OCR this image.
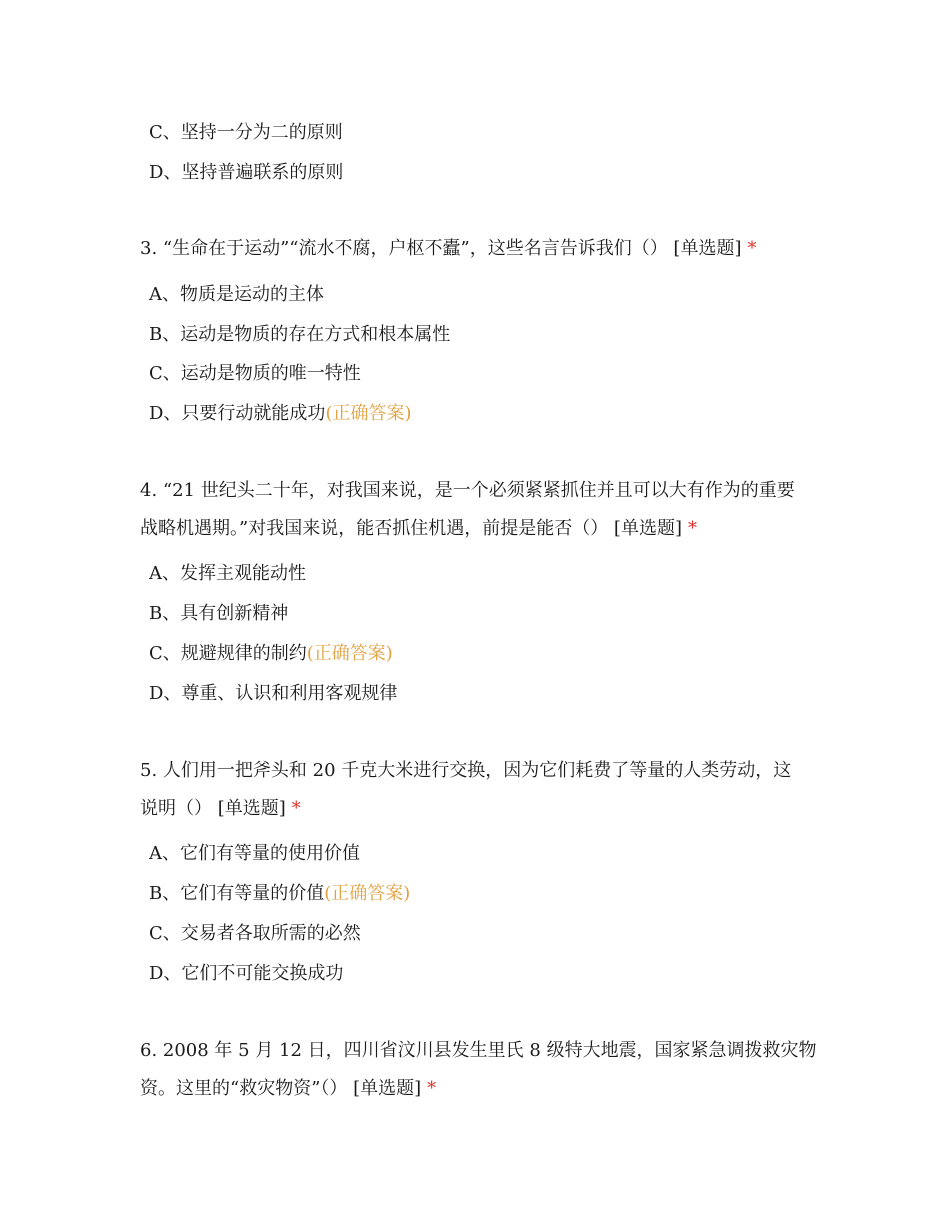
C、坚持一分为二的原则
D、坚持普遍联系的原则
3. “生命在于运动”“流水不腐，户枢不蠹”，这些名言告诉我们（） [单选题] *
A、物质是运动的主体
B、运动是物质的存在方式和根本属性
C、运动是物质的唯一特性
D、只要行动就能成功(正确答案)
4. “21 世纪头二十年，对我国来说，是一个必须紧紧抓住并且可以大有作为的重要
战略机遇期。”对我国来说，能否抓住机遇，前提是能否（） [单选题] *
A、发挥主观能动性
B、具有创新精神
C、规避规律的制约(正确答案)
D、尊重、认识和利用客观规律
5. 人们用一把斧头和 20 千克大米进行交换，因为它们耗费了等量的人类劳动，这
说明（） [单选题] *
A、它们有等量的使用价值
B、它们有等量的价值(正确答案)
C、交易者各取所需的必然
D、它们不可能交换成功
6. 2008 年 5 月 12 日，四川省汶川县发生里氏 8 级特大地震，国家紧急调拨救灾物
资。这里的“救灾物资”（） [单选题] *
